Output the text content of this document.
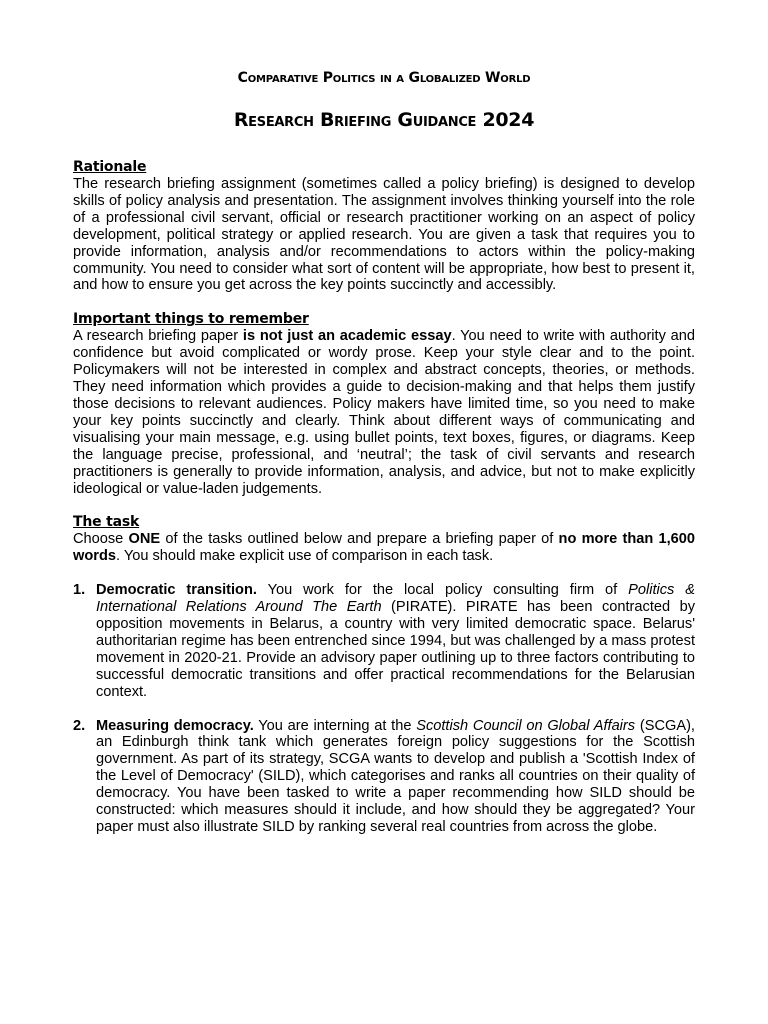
Comparative Politics in a Globalized World
Research Briefing Guidance 2024
Rationale

The research briefing assignment (sometimes called a policy briefing) is designed to develop skills of policy analysis and presentation. The assignment involves thinking yourself into the role of a professional civil servant, official or research practitioner working on an aspect of policy development, political strategy or applied research. You are given a task that requires you to provide information, analysis and/or recommendations to actors within the policy-making community. You need to consider what sort of content will be appropriate, how best to present it, and how to ensure you get across the key points succinctly and accessibly.

Important things to remember

A research briefing paper is not just an academic essay. You need to write with authority and confidence but avoid complicated or wordy prose. Keep your style clear and to the point. Policymakers will not be interested in complex and abstract concepts, theories, or methods. They need information which provides a guide to decision-making and that helps them justify those decisions to relevant audiences. Policy makers have limited time, so you need to make your key points succinctly and clearly. Think about different ways of communicating and visualising your main message, e.g. using bullet points, text boxes, figures, or diagrams. Keep the language precise, professional, and ‘neutral’; the task of civil servants and research practitioners is generally to provide information, analysis, and advice, but not to make explicitly ideological or value-laden judgements.

The task

Choose ONE of the tasks outlined below and prepare a briefing paper of no more than 1,600 words. You should make explicit use of comparison in each task.

1. Democratic transition. You work for the local policy consulting firm of Politics & International Relations Around The Earth (PIRATE). PIRATE has been contracted by opposition movements in Belarus, a country with very limited democratic space. Belarus' authoritarian regime has been entrenched since 1994, but was challenged by a mass protest movement in 2020-21. Provide an advisory paper outlining up to three factors contributing to successful democratic transitions and offer practical recommendations for the Belarusian context.
2. Measuring democracy. You are interning at the Scottish Council on Global Affairs (SCGA), an Edinburgh think tank which generates foreign policy suggestions for the Scottish government. As part of its strategy, SCGA wants to develop and publish a 'Scottish Index of the Level of Democracy' (SILD), which categorises and ranks all countries on their quality of democracy. You have been tasked to write a paper recommending how SILD should be constructed: which measures should it include, and how should they be aggregated? Your paper must also illustrate SILD by ranking several real countries from across the globe.
